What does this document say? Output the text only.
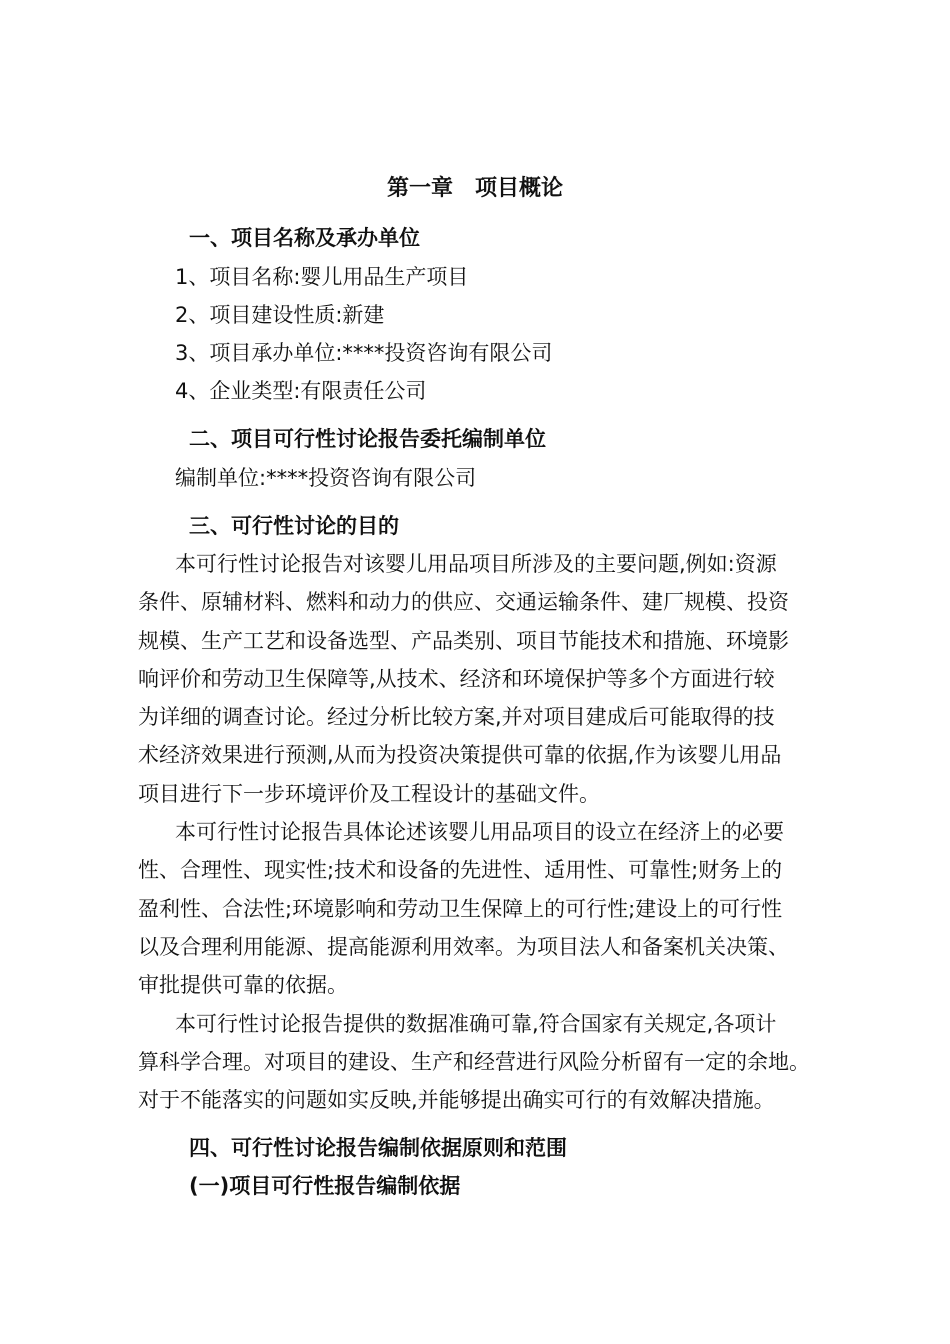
第一章　项目概论
一、项目名称及承办单位
1、项目名称:婴儿用品生产项目
2、项目建设性质:新建
3、项目承办单位:****投资咨询有限公司
4、企业类型:有限责任公司
二、项目可行性讨论报告委托编制单位
编制单位:****投资咨询有限公司
三、可行性讨论的目的
本可行性讨论报告对该婴儿用品项目所涉及的主要问题,例如:资源
条件、原辅材料、燃料和动力的供应、交通运输条件、建厂规模、投资
规模、生产工艺和设备选型、产品类别、项目节能技术和措施、环境影
响评价和劳动卫生保障等,从技术、经济和环境保护等多个方面进行较
为详细的调查讨论。经过分析比较方案,并对项目建成后可能取得的技
术经济效果进行预测,从而为投资决策提供可靠的依据,作为该婴儿用品
项目进行下一步环境评价及工程设计的基础文件。
本可行性讨论报告具体论述该婴儿用品项目的设立在经济上的必要
性、合理性、现实性;技术和设备的先进性、适用性、可靠性;财务上的
盈利性、合法性;环境影响和劳动卫生保障上的可行性;建设上的可行性
以及合理利用能源、提高能源利用效率。为项目法人和备案机关决策、
审批提供可靠的依据。
本可行性讨论报告提供的数据准确可靠,符合国家有关规定,各项计
算科学合理。对项目的建设、生产和经营进行风险分析留有一定的余地。
对于不能落实的问题如实反映,并能够提出确实可行的有效解决措施。
四、可行性讨论报告编制依据原则和范围
(一)项目可行性报告编制依据
